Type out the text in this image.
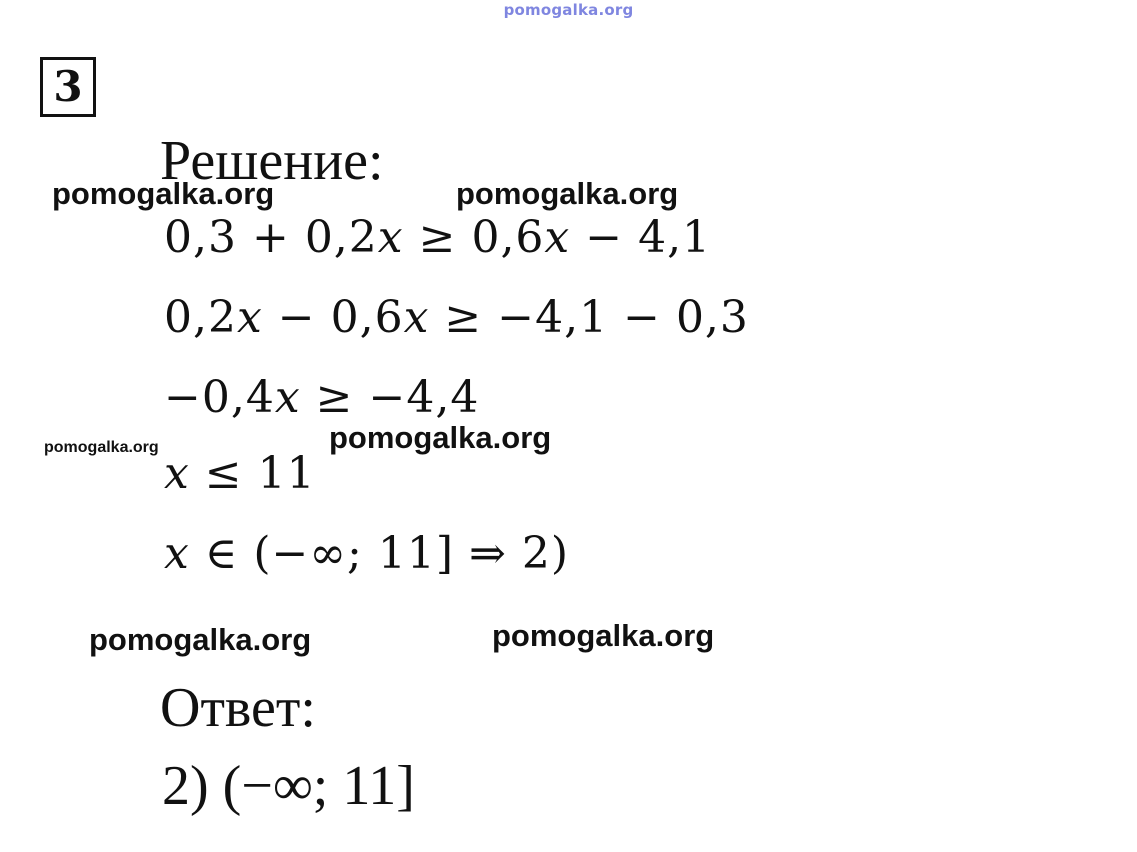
pomogalka.org
3
Решение:
pomogalka.org	pomogalka.org
0,3 + 0,2𝑥 ≥ 0,6𝑥 − 4,1
0,2𝑥 − 0,6𝑥 ≥ −4,1 − 0,3
−0,4𝑥 ≥ −4,4
pomogalka.org	pomogalka.org
𝑥 ≤ 11
𝑥 ∈ (−∞; 11] ⇒ 2)
pomogalka.org	pomogalka.org
Ответ:
2) (−∞; 11]
